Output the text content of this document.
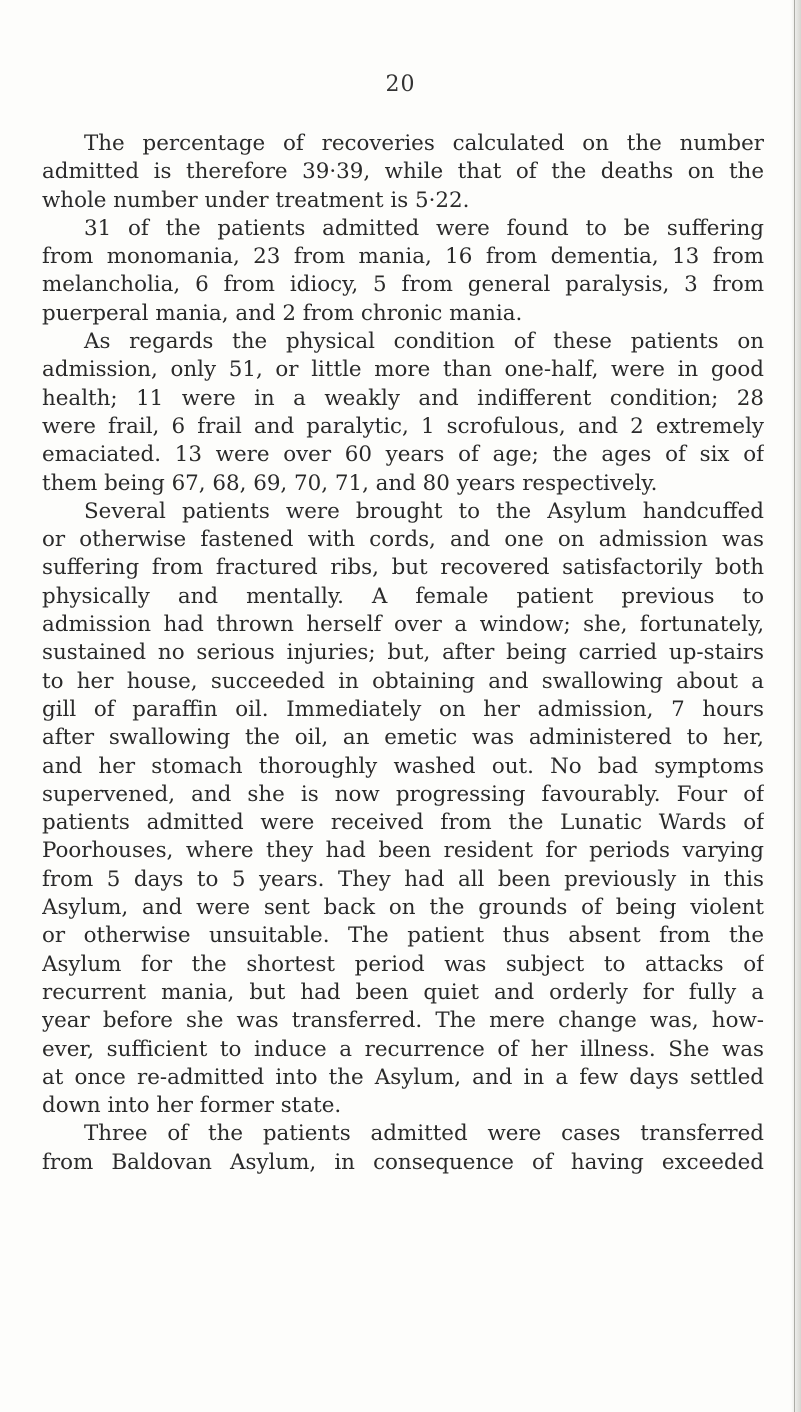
20
The percentage of recoveries calculated on the number
admitted is therefore 39·39, while that of the deaths on the
whole number under treatment is 5·22.
31 of the patients admitted were found to be suffering
from monomania, 23 from mania, 16 from dementia, 13 from
melancholia, 6 from idiocy, 5 from general paralysis, 3 from
puerperal mania, and 2 from chronic mania.
As regards the physical condition of these patients on
admission, only 51, or little more than one-half, were in good
health; 11 were in a weakly and indifferent condition; 28
were frail, 6 frail and paralytic, 1 scrofulous, and 2 extremely
emaciated. 13 were over 60 years of age; the ages of six of
them being 67, 68, 69, 70, 71, and 80 years respectively.
Several patients were brought to the Asylum handcuffed
or otherwise fastened with cords, and one on admission was
suffering from fractured ribs, but recovered satisfactorily both
physically and mentally. A female patient previous to
admission had thrown herself over a window; she, fortunately,
sustained no serious injuries; but, after being carried up-stairs
to her house, succeeded in obtaining and swallowing about a
gill of paraffin oil. Immediately on her admission, 7 hours
after swallowing the oil, an emetic was administered to her,
and her stomach thoroughly washed out. No bad symptoms
supervened, and she is now progressing favourably. Four of
patients admitted were received from the Lunatic Wards of
Poorhouses, where they had been resident for periods varying
from 5 days to 5 years. They had all been previously in this
Asylum, and were sent back on the grounds of being violent
or otherwise unsuitable. The patient thus absent from the
Asylum for the shortest period was subject to attacks of
recurrent mania, but had been quiet and orderly for fully a
year before she was transferred. The mere change was, how-
ever, sufficient to induce a recurrence of her illness. She was
at once re-admitted into the Asylum, and in a few days settled
down into her former state.
Three of the patients admitted were cases transferred
from Baldovan Asylum, in consequence of having exceeded
